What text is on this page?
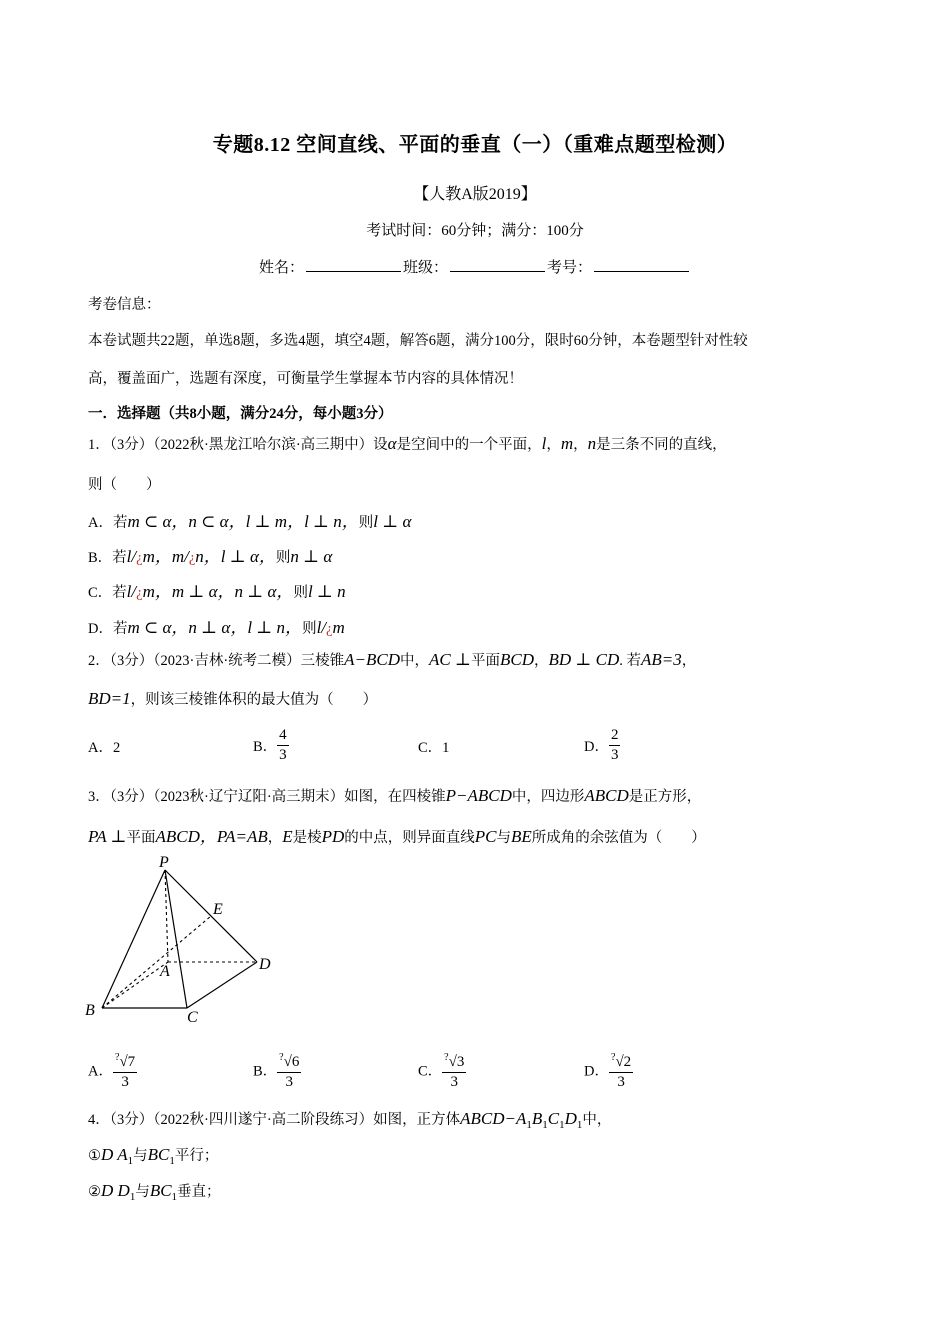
专题8.12 空间直线、平面的垂直（一）（重难点题型检测）
【人教A版2019】
考试时间：60分钟；满分：100分
姓名：	班级：	考号：
考卷信息：
本卷试题共22题，单选8题，多选4题，填空4题，解答6题，满分100分，限时60分钟，本卷题型针对性较
高，覆盖面广，选题有深度，可衡量学生掌握本节内容的具体情况！
一．选择题（共8小题，满分24分，每小题3分）
1．（3分）（2022秋·黑龙江哈尔滨·高三期中）设α是空间中的一个平面，l，m，n是三条不同的直线，
则（　　）
A．若m ⊂ α，n ⊂ α，l ⊥ m，l ⊥ n，则l ⊥ α
B．若l/¿m，m/¿n，l ⊥ α，则n ⊥ α
C．若l/¿m，m ⊥ α，n ⊥ α，则l ⊥ n
D．若m ⊂ α，n ⊥ α，l ⊥ n，则l/¿m
2．（3分）（2023·吉林·统考二模）三棱锥A−BCD中，AC ⊥平面BCD，BD ⊥ CD. 若AB=3，
BD=1，则该三棱锥体积的最大值为（　　）
A．2	B． $\frac{4}{3}$	C．1	D． $\frac{2}{3}$
3．（3分）（2023秋·辽宁辽阳·高三期末）如图，在四棱锥P−ABCD中，四边形ABCD是正方形，
PA ⊥平面ABCD，PA=AB，E是棱PD的中点，则异面直线PC与BE所成角的余弦值为（　　）
P
E
A	D
B	C
A． $\frac{^?√7}{3}$	B． $\frac{^?√6}{3}$	C． $\frac{^?√3}{3}$	D． $\frac{^?√2}{3}$
4．（3分）（2022秋·四川遂宁·高二阶段练习）如图，正方体$ABCD-A_1B_1C_1D_1$中，
①D $A_1$与$BC_1$平行；
②D $D_1$与$BC_1$垂直；
